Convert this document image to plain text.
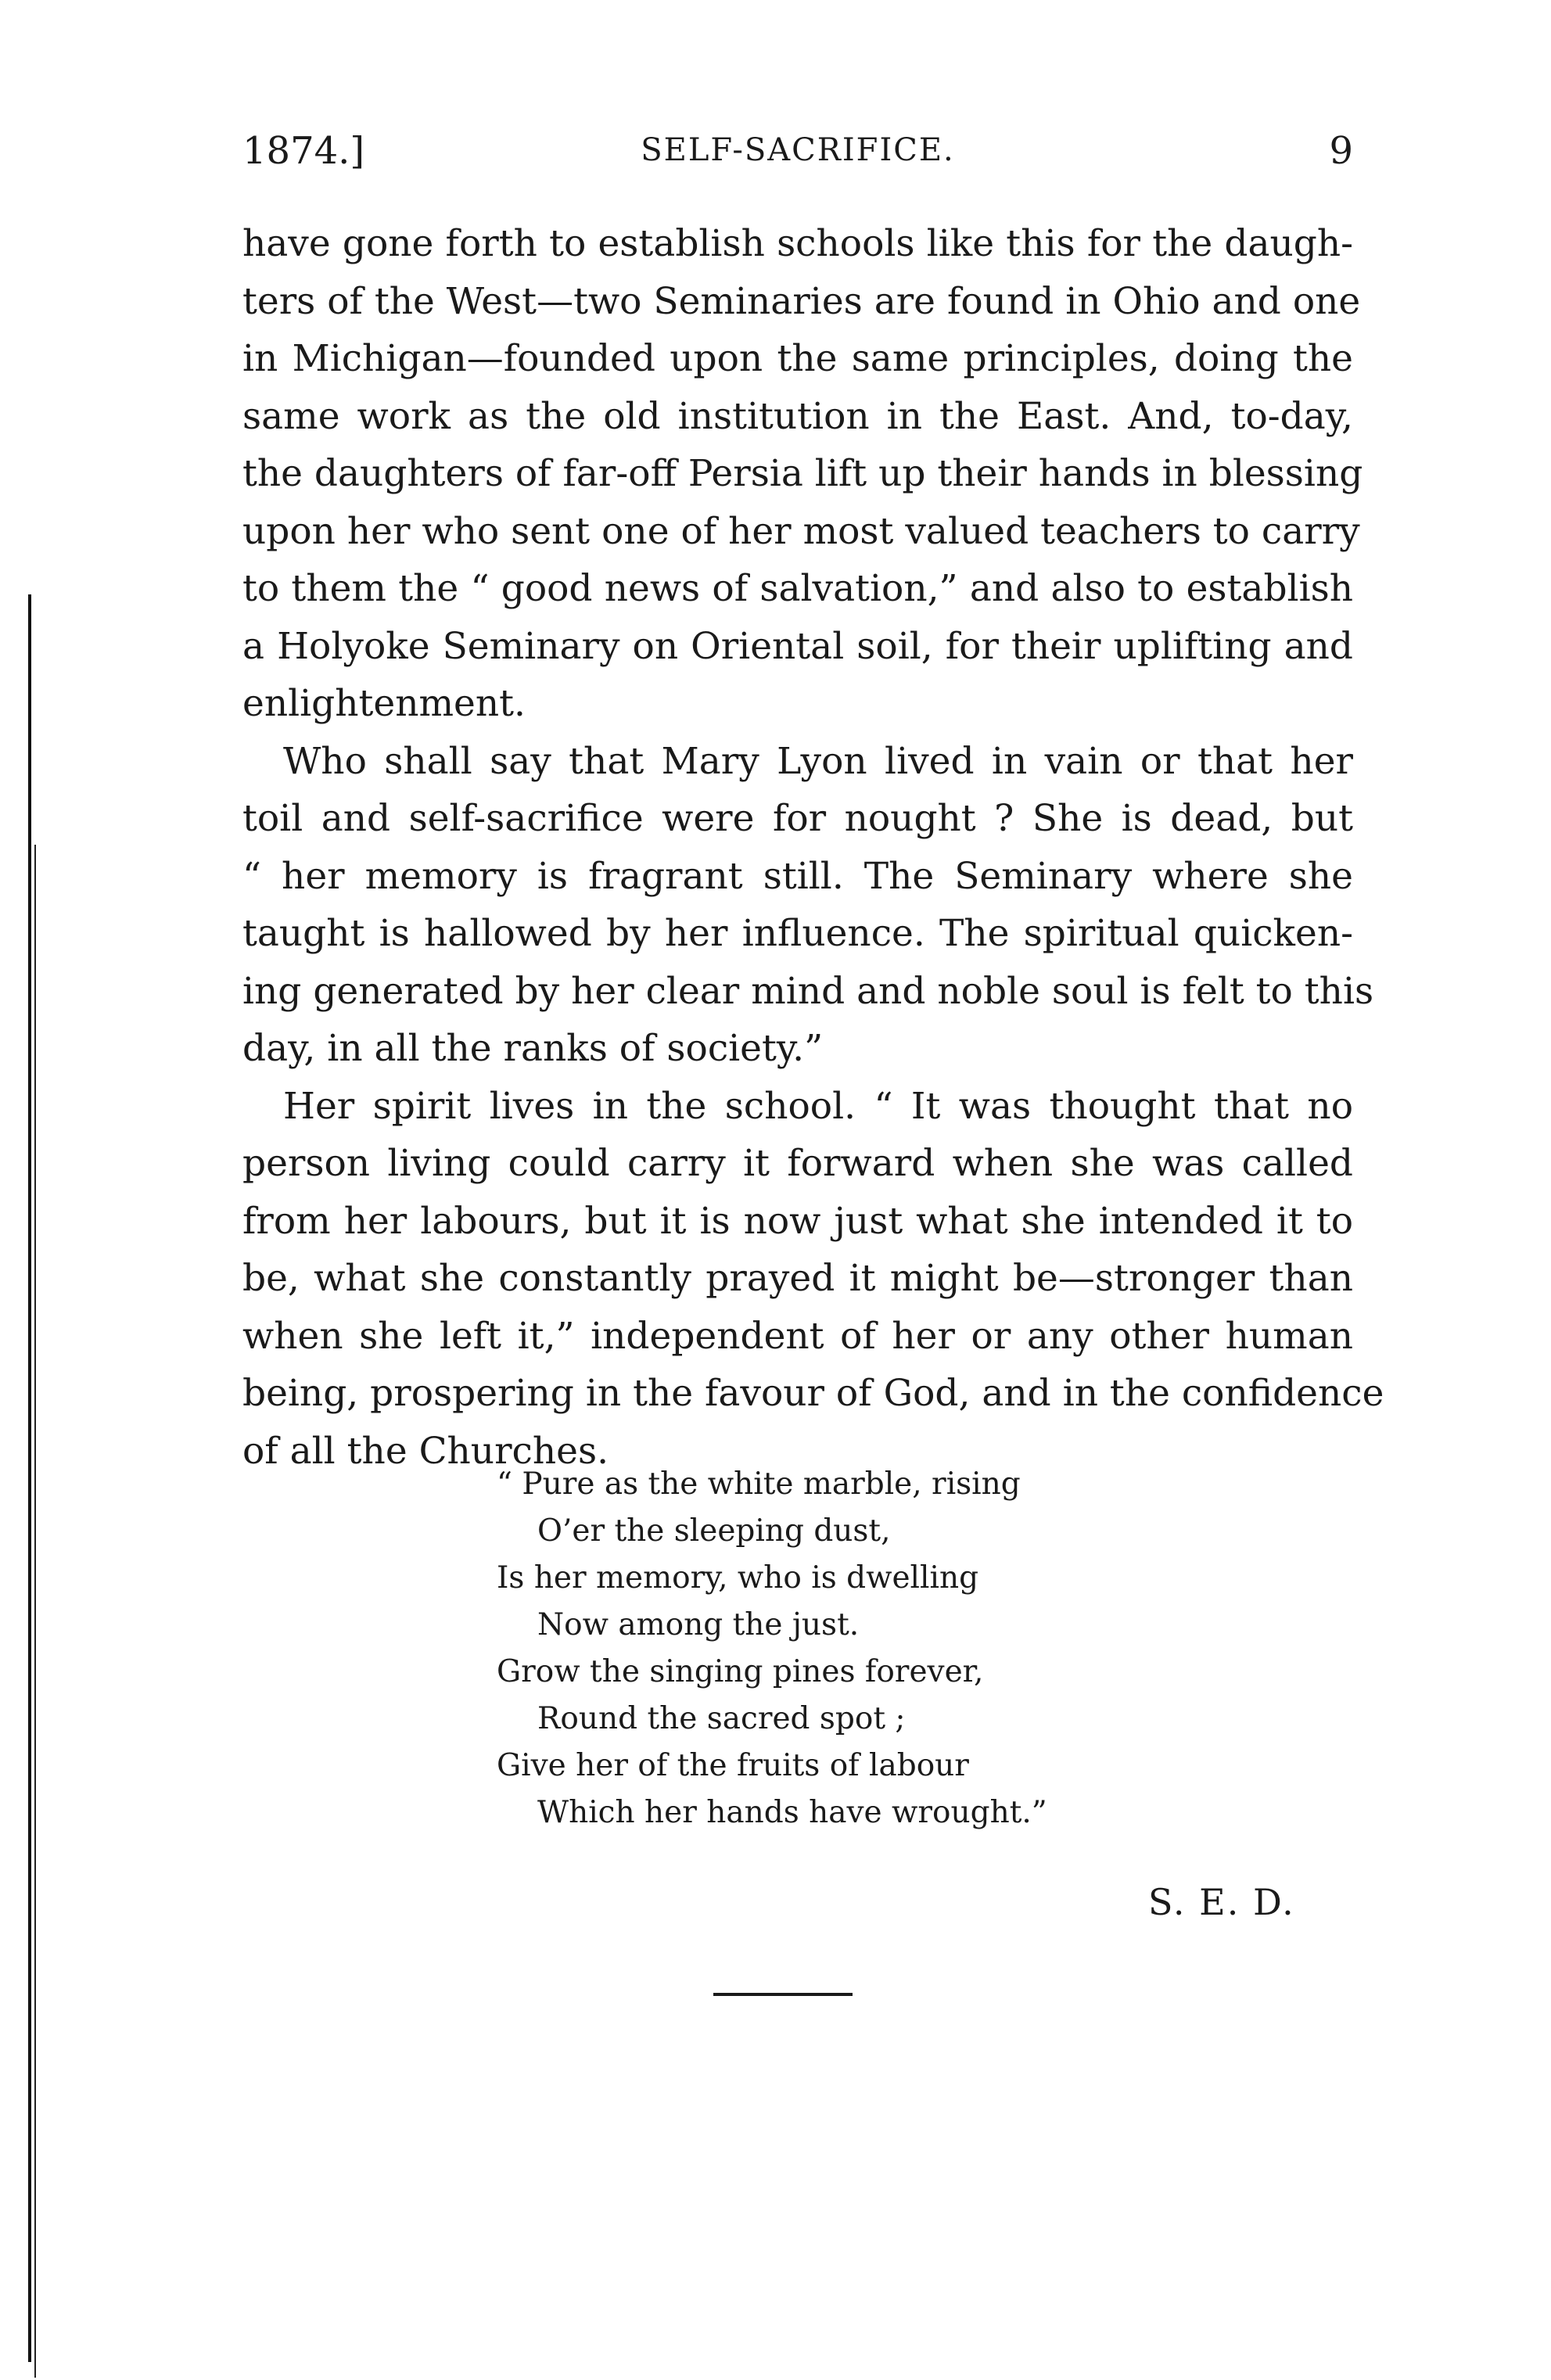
1874.]	SELF-SACRIFICE.	9

have gone forth to establish schools like this for the daugh-
ters of the West—two Seminaries are found in Ohio and one
in Michigan—founded upon the same principles, doing the
same work as the old institution in the East. And, to-day,
the daughters of far-off Persia lift up their hands in blessing
upon her who sent one of her most valued teachers to carry
to them the “ good news of salvation,” and also to establish
a Holyoke Seminary on Oriental soil, for their uplifting and
enlightenment.

Who shall say that Mary Lyon lived in vain or that her
toil and self-sacrifice were for nought ? She is dead, but
“ her memory is fragrant still. The Seminary where she
taught is hallowed by her influence. The spiritual quicken-
ing generated by her clear mind and noble soul is felt to this
day, in all the ranks of society.”

Her spirit lives in the school. “ It was thought that no
person living could carry it forward when she was called
from her labours, but it is now just what she intended it to
be, what she constantly prayed it might be—stronger than
when she left it,” independent of her or any other human
being, prospering in the favour of God, and in the confidence
of all the Churches.

“ Pure as the white marble, rising
O’er the sleeping dust,
Is her memory, who is dwelling
Now among the just.
Grow the singing pines forever,
Round the sacred spot ;
Give her of the fruits of labour
Which her hands have wrought.”
S. E. D.
